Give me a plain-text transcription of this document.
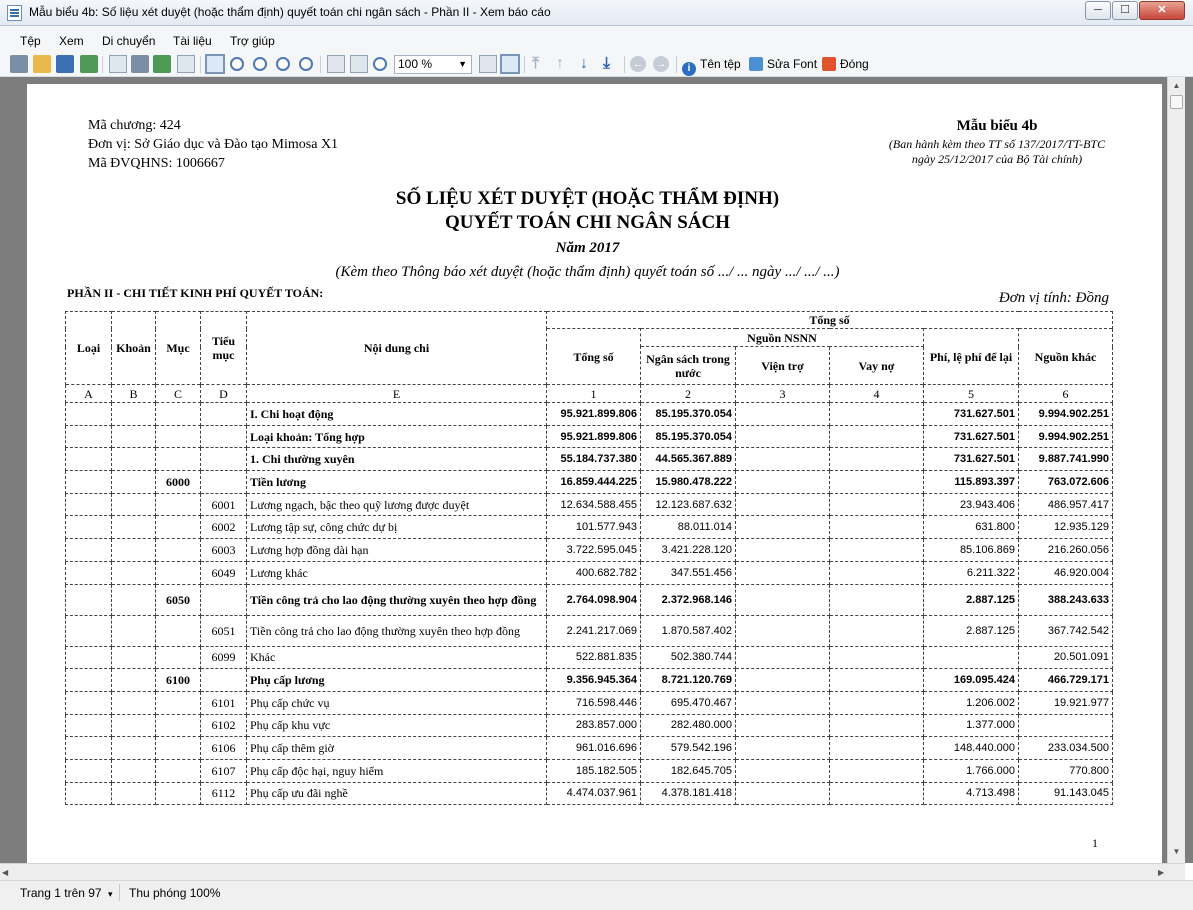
Mẫu biểu 4b: Số liệu xét duyệt (hoặc thẩm định) quyết toán chi ngân sách - Phần II - Xem báo cáo	─	☐	✕
Tệp Xem Di chuyển Tài liệu Trợ giúp
100 %	▼	⤒ ↑ ↓ ⤓ ← →	i Tên tệp	Sửa Font	Đóng
Mã chương: 424
Đơn vị: Sở Giáo dục và Đào tạo Mimosa X1
Mã ĐVQHNS: 1006667
Mẫu biểu 4b
(Ban hành kèm theo TT số 137/2017/TT-BTC
ngày 25/12/2017 của Bộ Tài chính)
SỐ LIỆU XÉT DUYỆT (HOẶC THẨM ĐỊNH)
QUYẾT TOÁN CHI NGÂN SÁCH
Năm 2017
(Kèm theo Thông báo xét duyệt (hoặc thẩm định) quyết toán số .../ ... ngày .../ .../ ...)
PHẦN II - CHI TIẾT KINH PHÍ QUYẾT TOÁN:	Đơn vị tính: Đồng
Loại	Khoản	Mục	Tiểu mục	Nội dung chi	Tổng số					
					Tổng số	Nguồn NSNN			Phí, lệ phí để lại	Nguồn khác
						Ngân sách trong nước	Viện trợ	Vay nợ		
A	B	C	D	E	1	2	3	4	5	6
				I. Chi hoạt động	95.921.899.806	85.195.370.054			731.627.501	9.994.902.251
				Loại khoản: Tổng hợp	95.921.899.806	85.195.370.054			731.627.501	9.994.902.251
				1. Chi thường xuyên	55.184.737.380	44.565.367.889			731.627.501	9.887.741.990
		6000		Tiền lương	16.859.444.225	15.980.478.222			115.893.397	763.072.606
			6001	Lương ngạch, bậc theo quỹ lương được duyệt	12.634.588.455	12.123.687.632			23.943.406	486.957.417
			6002	Lương tập sự, công chức dự bị	101.577.943	88.011.014			631.800	12.935.129
			6003	Lương hợp đồng dài hạn	3.722.595.045	3.421.228.120			85.106.869	216.260.056
			6049	Lương khác	400.682.782	347.551.456			6.211.322	46.920.004
		6050		Tiền công trả cho lao động thường xuyên theo hợp đồng	2.764.098.904	2.372.968.146			2.887.125	388.243.633
			6051	Tiền công trả cho lao động thường xuyên theo hợp đồng	2.241.217.069	1.870.587.402			2.887.125	367.742.542
			6099	Khác	522.881.835	502.380.744				20.501.091
		6100		Phụ cấp lương	9.356.945.364	8.721.120.769			169.095.424	466.729.171
			6101	Phụ cấp chức vụ	716.598.446	695.470.467			1.206.002	19.921.977
			6102	Phụ cấp khu vực	283.857.000	282.480.000			1.377.000	
			6106	Phụ cấp thêm giờ	961.016.696	579.542.196			148.440.000	233.034.500
			6107	Phụ cấp độc hại, nguy hiểm	185.182.505	182.645.705			1.766.000	770.800
			6112	Phụ cấp ưu đãi nghề	4.474.037.961	4.378.181.418			4.713.498	91.143.045
1
▲
▼
◀	▶
Trang 1 trên 97 ▾ Thu phóng 100%
